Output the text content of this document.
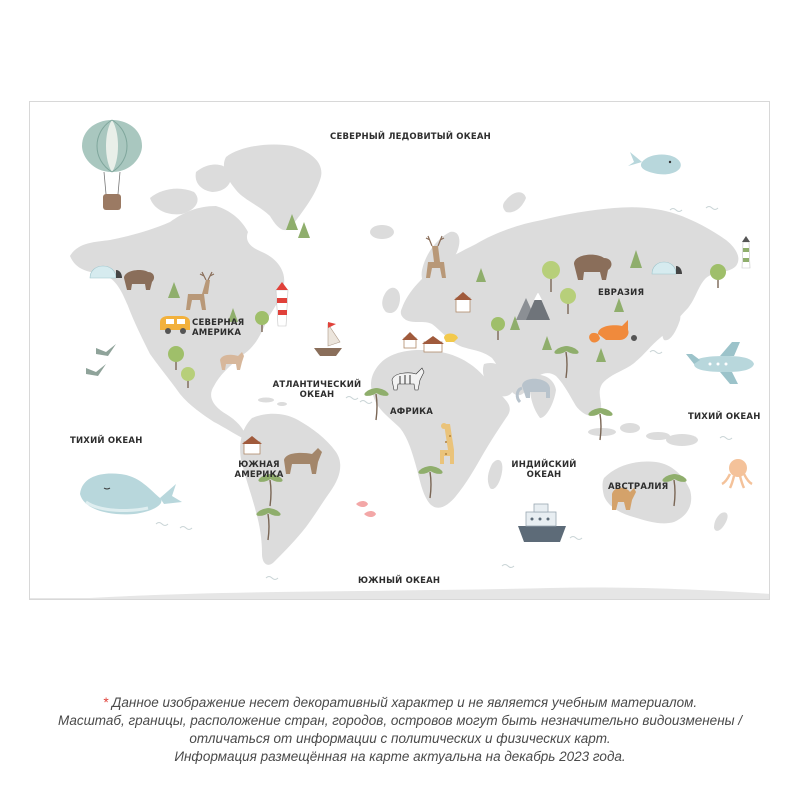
СЕВЕРНЫЙ ЛЕДОВИТЫЙ ОКЕАН
АТЛАНТИЧЕСКИЙ
ОКЕАН
ТИХИЙ ОКЕАН
ТИХИЙ ОКЕАН
ИНДИЙСКИЙ
ОКЕАН
ЮЖНЫЙ ОКЕАН
СЕВЕРНАЯ
АМЕРИКА
ЮЖНАЯ
АМЕРИКА
АФРИКА
ЕВРАЗИЯ
АВСТРАЛИЯ
* Данное изображение несет декоративный характер и не является учебным материалом.
Масштаб, границы, расположение стран, городов, островов могут быть незначительно видоизменены /
отличаться от информации с политических и физических карт.
Информация размещённая на карте актуальна на декабрь 2023 года.
